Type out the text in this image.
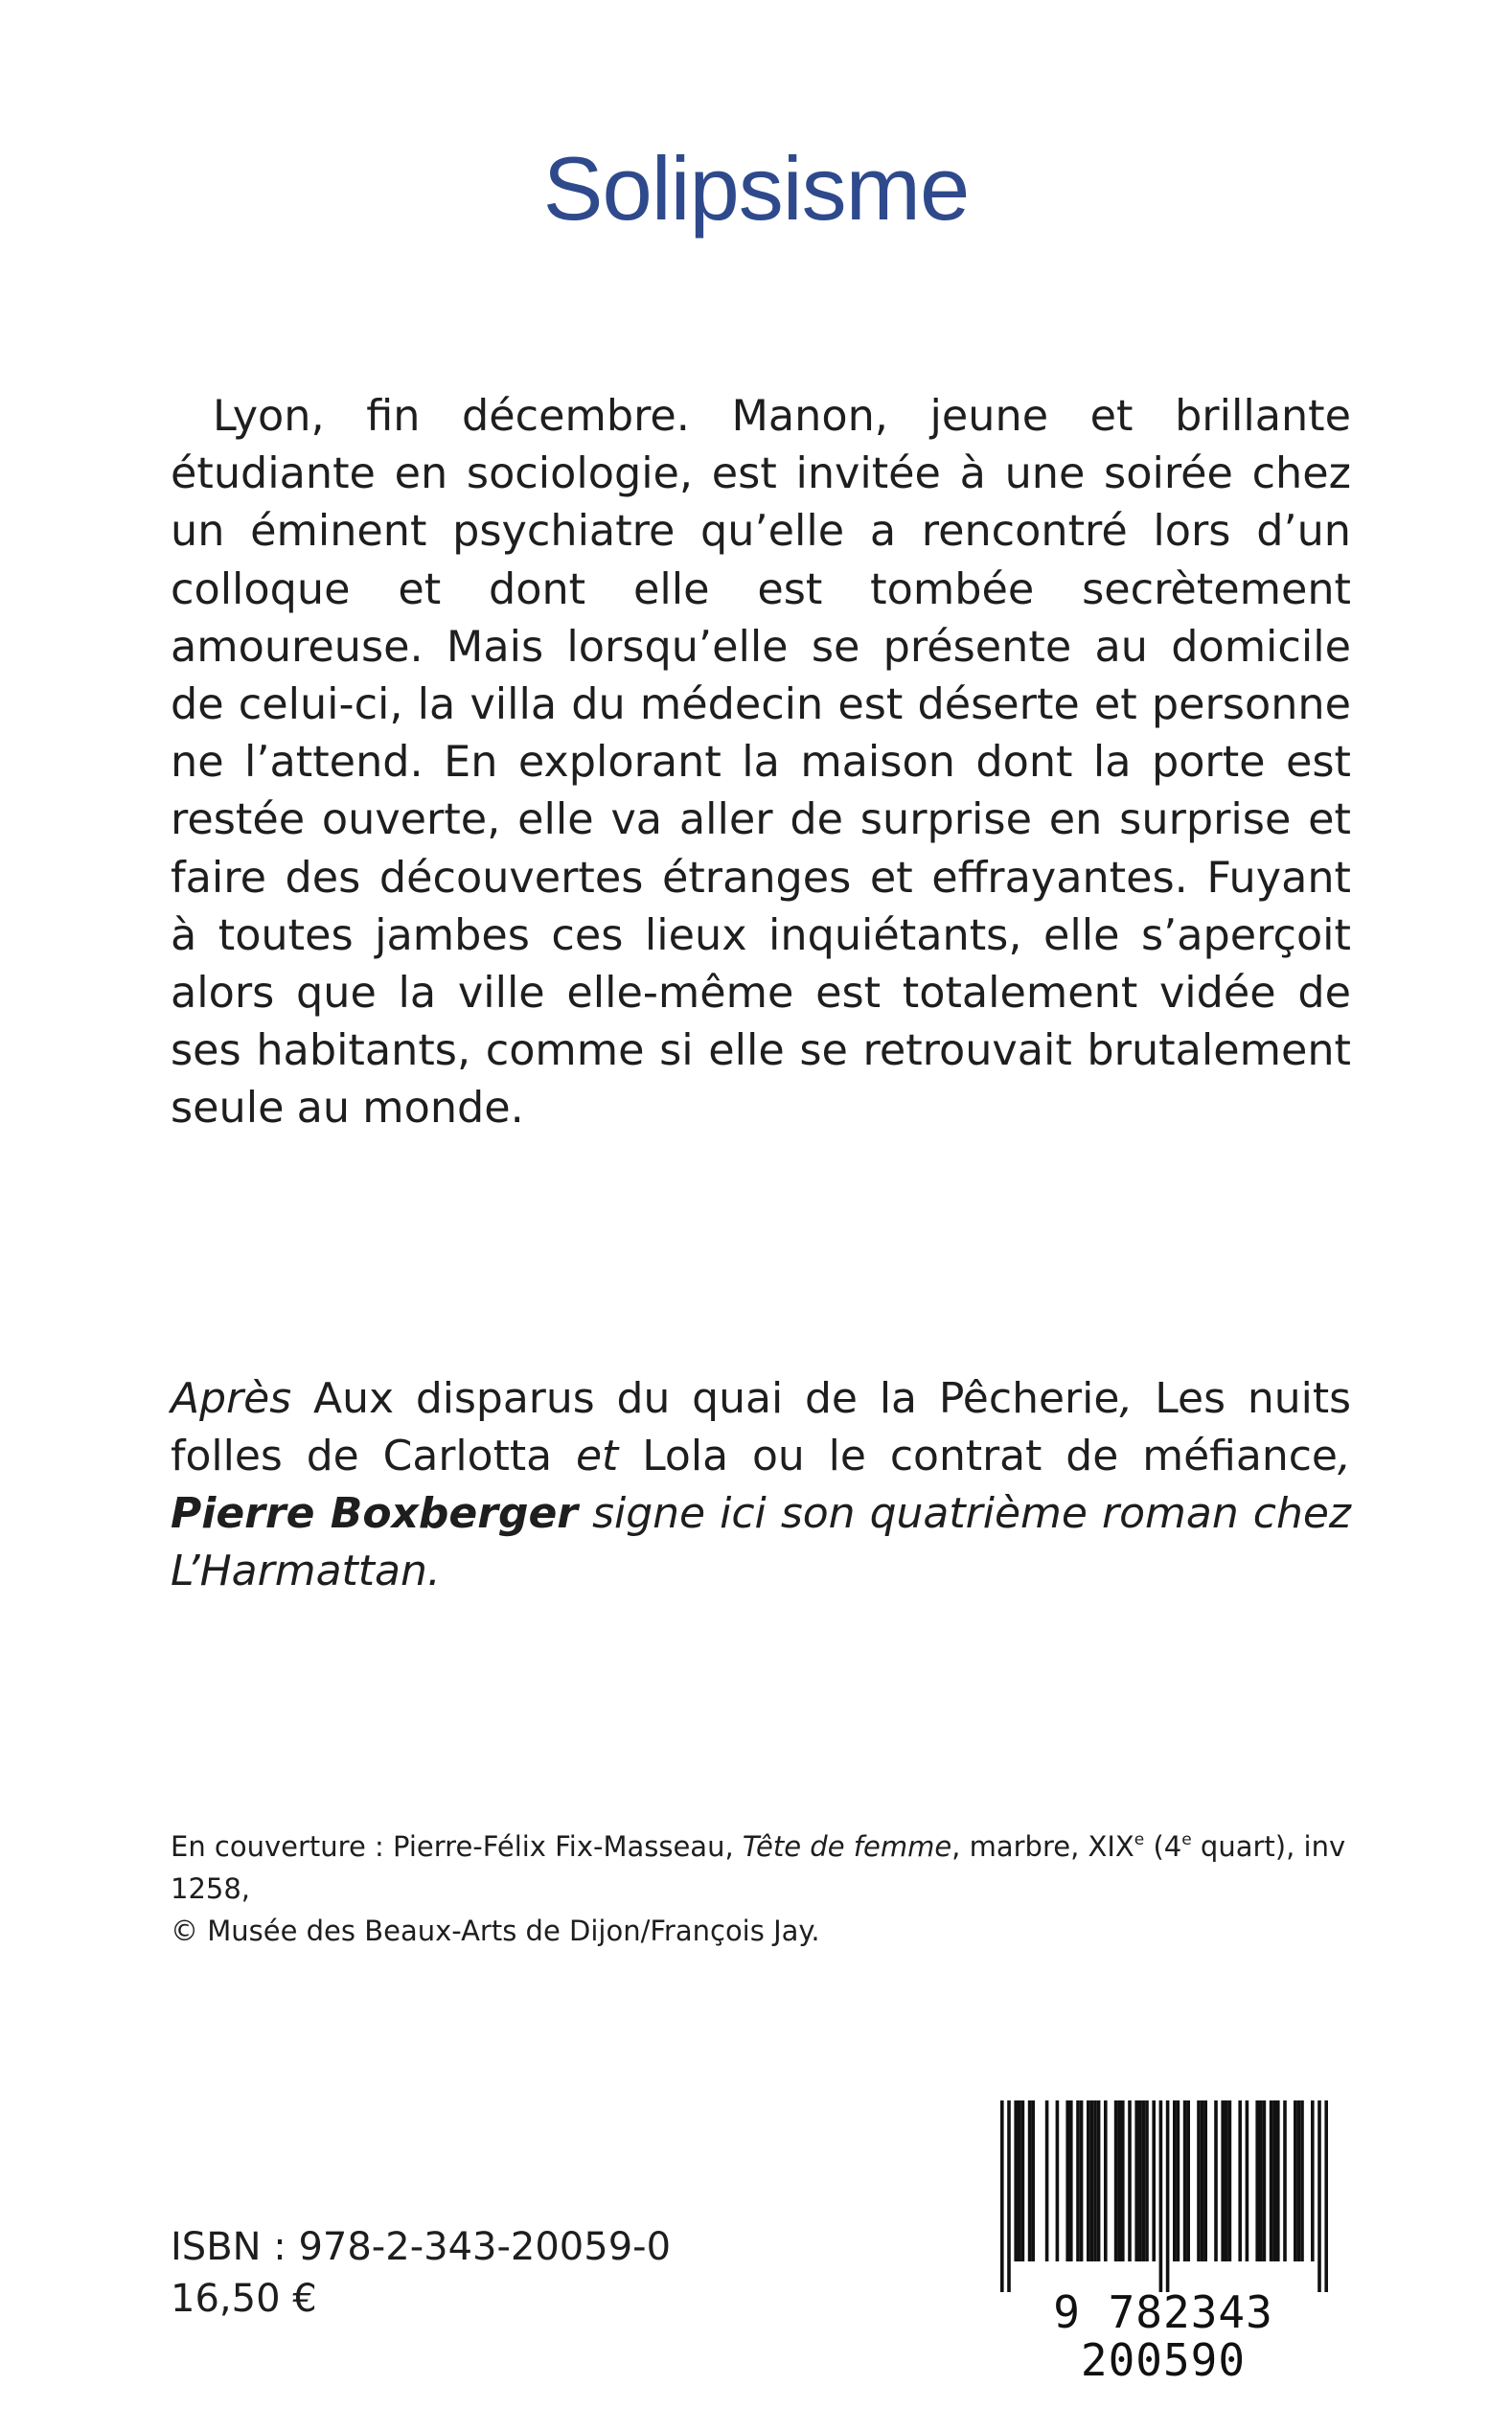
Solipsisme

Lyon, fin décembre. Manon, jeune et brillante étudiante en sociologie, est invitée à une soirée chez un éminent psychiatre qu’elle a rencontré lors d’un colloque et dont elle est tombée secrètement amoureuse. Mais lorsqu’elle se présente au domicile de celui-ci, la villa du médecin est déserte et personne ne l’attend. En explorant la maison dont la porte est restée ouverte, elle va aller de surprise en surprise et faire des découvertes étranges et effrayantes. Fuyant à toutes jambes ces lieux inquiétants, elle s’aperçoit alors que la ville elle-même est totalement vidée de ses habitants, comme si elle se retrouvait brutalement seule au monde.

Après Aux disparus du quai de la Pêcherie, Les nuits folles de Carlotta et Lola ou le contrat de méfiance, Pierre Boxberger signe ici son quatrième roman chez L’Harmattan.

En couverture : Pierre-Félix Fix-Masseau, Tête de femme, marbre, XIXe (4e quart), inv 1258,
© Musée des Beaux-Arts de Dijon/François Jay.
ISBN : 978-2-343-20059-0
16,50 €	9 782343 200590
